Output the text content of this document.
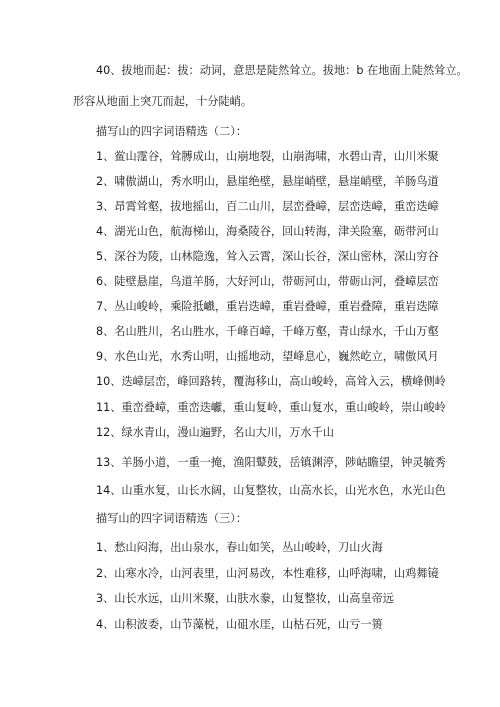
40、拔地而起：拔：动词，意思是陡然耸立。拔地：b 在地面上陡然耸立。
形容从地面上突兀而起，十分陡峭。
描写山的四字词语精选（二）：
1、鲎山霪谷，耸膊成山，山崩地裂，山崩海啸，水碧山青，山川米聚
2、啸傲湖山，秀水明山，悬崖绝壁，悬崖峭壁，悬崖峭壁，羊肠鸟道
3、昂霄耸壑，拔地摇山，百二山川，层峦叠嶂，层峦迭嶂，重峦迭嶂
4、湖光山色，航海梯山，海桑陵谷，回山转海，津关险塞，砺带河山
5、深谷为陵，山林隐逸，耸入云霄，深山长谷，深山密林，深山穷谷
6、陡壁悬崖，鸟道羊肠，大好河山，带砺河山，带砺山河，叠嶂层峦
7、丛山峻岭，乘险抵巇，重岩迭嶂，重岩叠嶂，重岩叠障，重岩迭障
8、名山胜川，名山胜水，千峰百嶂，千峰万壑，青山绿水，千山万壑
9、水色山光，水秀山明，山摇地动，望峰息心，巍然屹立，啸傲风月
10、迭嶂层峦，峰回路转，覆海移山，高山峻岭，高耸入云，横峰侧岭
11、重峦叠嶂，重峦迭巘，重山复岭，重山复水，重山峻岭，崇山峻岭
12、绿水青山，漫山遍野，名山大川，万水千山
13、羊肠小道，一重一掩，渔阳鼙鼓，岳镇渊渟，陟岵瞻望，钟灵毓秀
14、山重水复，山长水阔，山复整妆，山高水长，山光水色，水光山色
描写山的四字词语精选（三）：
1、愁山闷海，出山泉水，春山如笑，丛山峻岭，刀山火海
2、山寒水冷，山河表里，山河易改，本性难移，山呼海啸，山鸡舞镜
3、山长水远，山川米聚，山肤水豢，山复整妆，山高皇帝远
4、山积波委，山节藻棁，山砠水厓，山枯石死，山亏一篑
